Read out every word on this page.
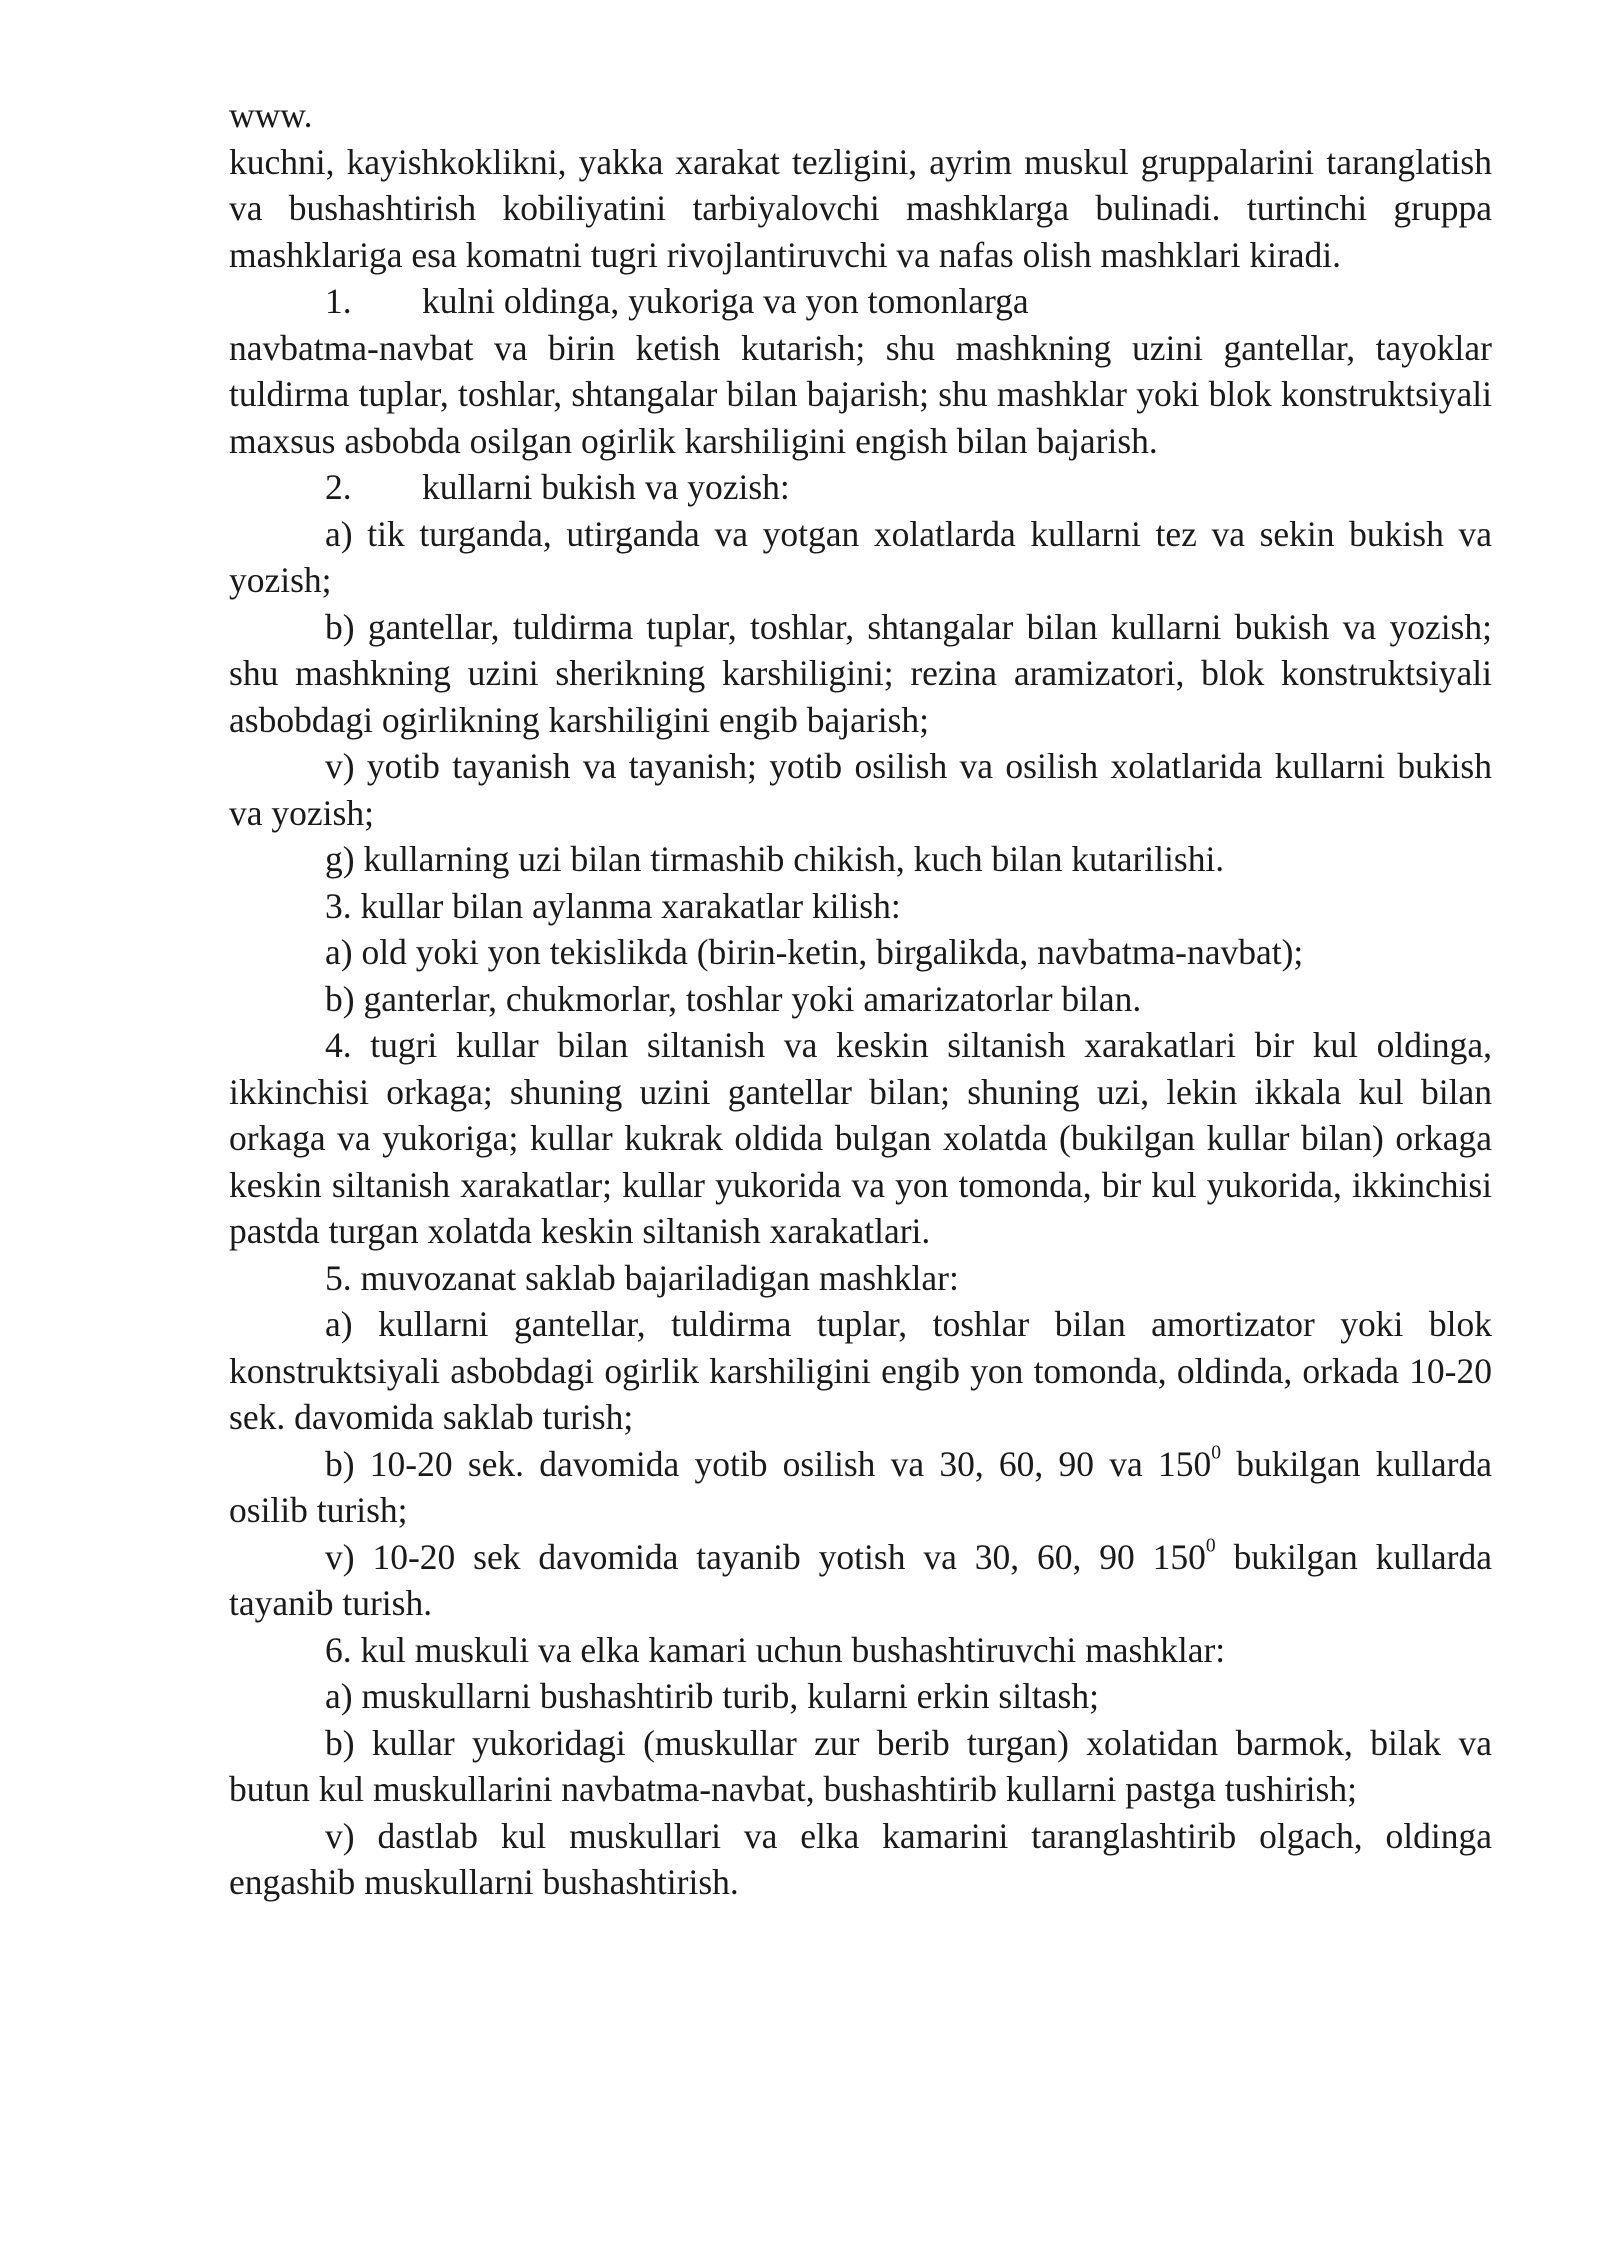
www.

kuchni, kayishkoklikni, yakka xarakat tezligini, ayrim muskul gruppalarini taranglatish va bushashtirish kobiliyatini tarbiyalovchi mashklarga bulinadi. turtinchi gruppa mashklariga esa komatni tugri rivojlantiruvchi va nafas olish mashklari kiradi.

1. kulni oldinga, yukoriga va yon tomonlarga

navbatma-navbat va birin ketish kutarish; shu mashkning uzini gantellar, tayoklar tuldirma tuplar, toshlar, shtangalar bilan bajarish; shu mashklar yoki blok konstruktsiyali maxsus asbobda osilgan ogirlik karshiligini engish bilan bajarish.

2. kullarni bukish va yozish:

a) tik turganda, utirganda va yotgan xolatlarda kullarni tez va sekin bukish va yozish;

b) gantellar, tuldirma tuplar, toshlar, shtangalar bilan kullarni bukish va yozish; shu mashkning uzini sherikning karshiligini; rezina aramizatori, blok konstruktsiyali asbobdagi ogirlikning karshiligini engib bajarish;

v) yotib tayanish va tayanish; yotib osilish va osilish xolatlarida kullarni bukish va yozish;

g) kullarning uzi bilan tirmashib chikish, kuch bilan kutarilishi.

3. kullar bilan aylanma xarakatlar kilish:

a) old yoki yon tekislikda (birin-ketin, birgalikda, navbatma-navbat);

b) ganterlar, chukmorlar, toshlar yoki amarizatorlar bilan.

4. tugri kullar bilan siltanish va keskin siltanish xarakatlari bir kul oldinga, ikkinchisi orkaga; shuning uzini gantellar bilan; shuning uzi, lekin ikkala kul bilan orkaga va yukoriga; kullar kukrak oldida bulgan xolatda (bukilgan kullar bilan) orkaga keskin siltanish xarakatlar; kullar yukorida va yon tomonda, bir kul yukorida, ikkinchisi pastda turgan xolatda keskin siltanish xarakatlari.

5. muvozanat saklab bajariladigan mashklar:

a) kullarni gantellar, tuldirma tuplar, toshlar bilan amortizator yoki blok konstruktsiyali asbobdagi ogirlik karshiligini engib yon tomonda, oldinda, orkada 10-20 sek. davomida saklab turish;

b) 10-20 sek. davomida yotib osilish va 30, 60, 90 va $150^0$ bukilgan kullarda osilib turish;

v) 10-20 sek davomida tayanib yotish va 30, 60, 90 $150^0$ bukilgan kullarda tayanib turish.

6. kul muskuli va elka kamari uchun bushashtiruvchi mashklar:

a) muskullarni bushashtirib turib, kularni erkin siltash;

b) kullar yukoridagi (muskullar zur berib turgan) xolatidan barmok, bilak va butun kul muskullarini navbatma-navbat, bushashtirib kullarni pastga tushirish;

v) dastlab kul muskullari va elka kamarini taranglashtirib olgach, oldinga engashib muskullarni bushashtirish.
